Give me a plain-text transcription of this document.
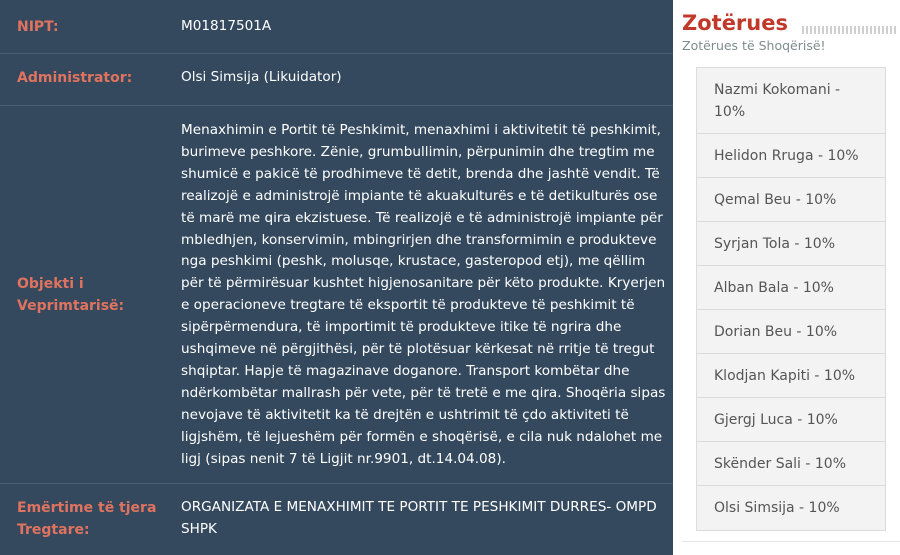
NIPT:	M01817501A
Administrator:	Olsi Simsija (Likuidator)
Objekti i Veprimtarisë:
Menaxhimin e Portit të Peshkimit, menaxhimi i aktivitetit të peshkimit, burimeve peshkore. Zënie, grumbullimin, përpunimin dhe tregtim me shumicë e pakicë të prodhimeve të detit, brenda dhe jashtë vendit. Të realizojë e administrojë impiante të akuakulturës e të detikulturës ose të marë me qira ekzistuese. Të realizojë e të administrojë impiante për mbledhjen, konservimin, mbingrirjen dhe transformimin e produkteve nga peshkimi (peshk, molusqe, krustace, gasteropod etj), me qëllim për të përmirësuar kushtet higjenosanitare për këto produkte. Kryerjen e operacioneve tregtare të eksportit të produkteve të peshkimit të sipërpërmendura, të importimit të produkteve itike të ngrira dhe ushqimeve në përgjithësi, për të plotësuar kërkesat në rritje të tregut shqiptar. Hapje të magazinave doganore. Transport kombëtar dhe ndërkombëtar mallrash për vete, për të tretë e me qira. Shoqëria sipas nevojave të aktivitetit ka të drejtën e ushtrimit të çdo aktiviteti të ligjshëm, të lejueshëm për formën e shoqërisë, e cila nuk ndalohet me ligj (sipas nenit 7 të Ligjit nr.9901, dt.14.04.08).
Emërtime të tjera Tregtare:
ORGANIZATA E MENAXHIMIT TE PORTIT TE PESHKIMIT DURRES- OMPD SHPK
Zotërues
Zotërues të Shoqërisë!
Nazmi Kokomani - 10%
Helidon Rruga - 10%
Qemal Beu - 10%
Syrjan Tola - 10%
Alban Bala - 10%
Dorian Beu - 10%
Klodjan Kapiti - 10%
Gjergj Luca - 10%
Skënder Sali - 10%
Olsi Simsija - 10%
